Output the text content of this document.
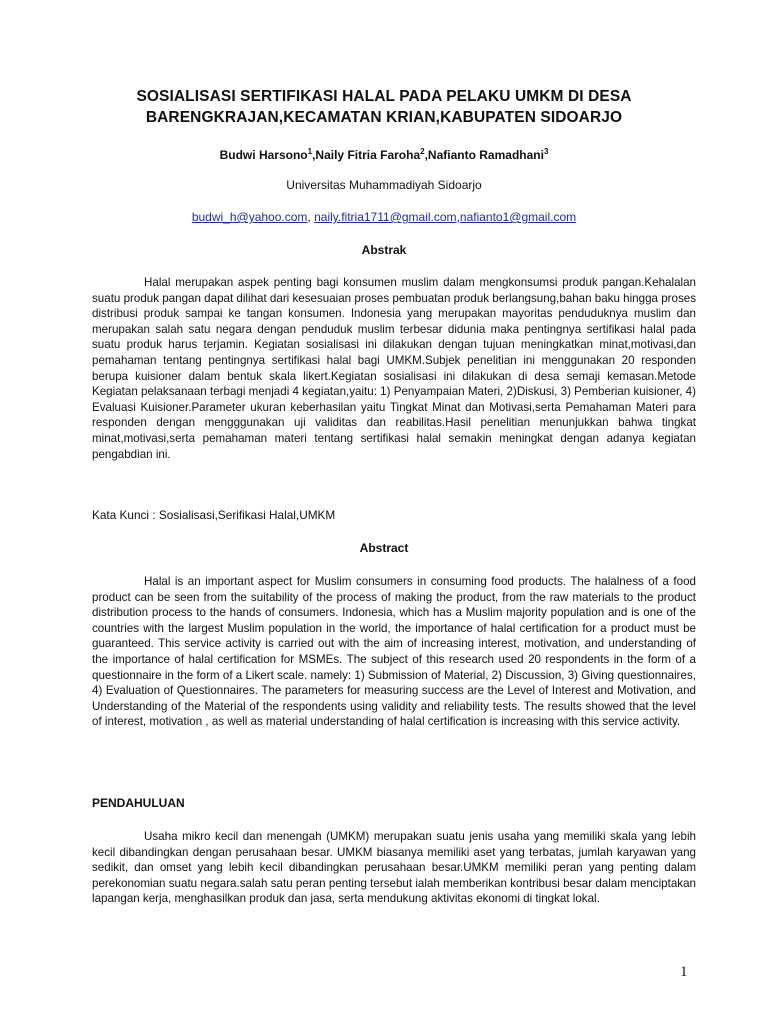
SOSIALISASI SERTIFIKASI HALAL PADA PELAKU UMKM DI DESA
BARENGKRAJAN,KECAMATAN KRIAN,KABUPATEN SIDOARJO
Budwi Harsono$^1$,Naily Fitria Faroha$^2$,Nafianto Ramadhani$^3$
Universitas Muhammadiyah Sidoarjo
budwi_h@yahoo.com, naily.fitria1711@gmail.com,nafianto1@gmail.com
Abstrak

Halal merupakan aspek penting bagi konsumen muslim dalam mengkonsumsi produk pangan.Kehalalan suatu produk pangan dapat dilihat dari kesesuaian proses pembuatan produk berlangsung,bahan baku hingga proses distribusi produk sampai ke tangan konsumen. Indonesia yang merupakan mayoritas penduduknya muslim dan merupakan salah satu negara dengan penduduk muslim terbesar didunia maka pentingnya sertifikasi halal pada suatu produk harus terjamin. Kegiatan sosialisasi ini dilakukan dengan tujuan meningkatkan minat,motivasi,dan pemahaman tentang pentingnya sertifikasi halal bagi UMKM.Subjek penelitian ini menggunakan 20 responden berupa kuisioner dalam bentuk skala likert.Kegiatan sosialisasi ini dilakukan di desa semaji kemasan.Metode Kegiatan pelaksanaan terbagi menjadi 4 kegiatan,yaitu: 1) Penyampaian Materi, 2)Diskusi, 3) Pemberian kuisioner, 4) Evaluasi Kuisioner.Parameter ukuran keberhasilan yaitu Tingkat Minat dan Motivasi,serta Pemahaman Materi para responden dengan mengggunakan uji validitas dan reabilitas.Hasil penelitian menunjukkan bahwa tingkat minat,motivasi,serta pemahaman materi tentang sertifikasi halal semakin meningkat dengan adanya kegiatan pengabdian ini.

Kata Kunci : Sosialisasi,Serifikasi Halal,UMKM
Abstract

Halal is an important aspect for Muslim consumers in consuming food products. The halalness of a food product can be seen from the suitability of the process of making the product, from the raw materials to the product distribution process to the hands of consumers. Indonesia, which has a Muslim majority population and is one of the countries with the largest Muslim population in the world, the importance of halal certification for a product must be guaranteed. This service activity is carried out with the aim of increasing interest, motivation, and understanding of the importance of halal certification for MSMEs. The subject of this research used 20 respondents in the form of a questionnaire in the form of a Likert scale. namely: 1) Submission of Material, 2) Discussion, 3) Giving questionnaires, 4) Evaluation of Questionnaires. The parameters for measuring success are the Level of Interest and Motivation, and Understanding of the Material of the respondents using validity and reliability tests. The results showed that the level of interest, motivation , as well as material understanding of halal certification is increasing with this service activity.

PENDAHULUAN

Usaha mikro kecil dan menengah (UMKM) merupakan suatu jenis usaha yang memiliki skala yang lebih kecil dibandingkan dengan perusahaan besar. UMKM biasanya memiliki aset yang terbatas, jumlah karyawan yang sedikit, dan omset yang lebih kecil dibandingkan perusahaan besar.UMKM memiliki peran yang penting dalam perekonomian suatu negara.salah satu peran penting tersebut ialah memberikan kontribusi besar dalam menciptakan lapangan kerja, menghasilkan produk dan jasa, serta mendukung aktivitas ekonomi di tingkat lokal.

1
